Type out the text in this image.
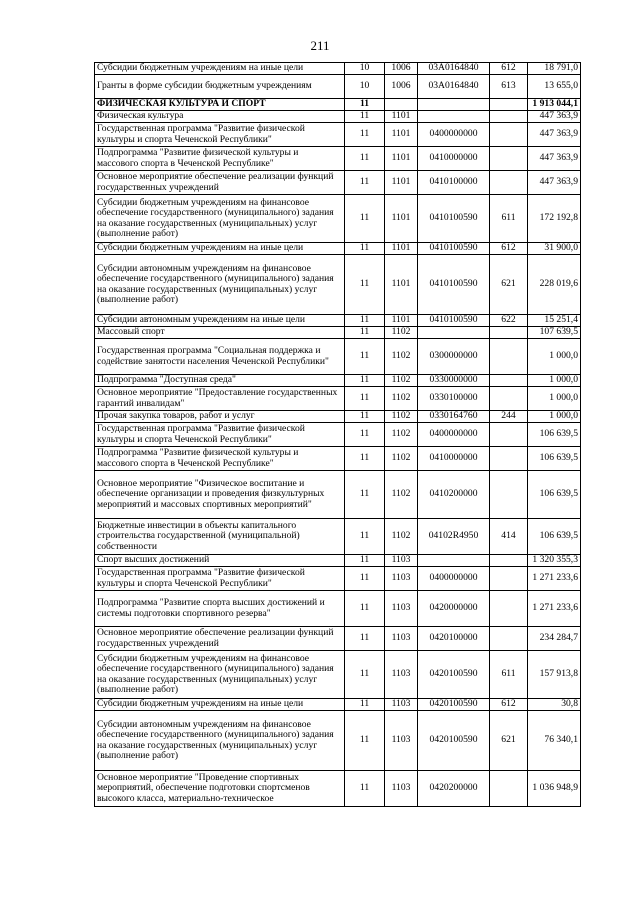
211
Субсидии бюджетным учреждениям на иные цели	10	1006	03А0164840	612	18 791,0
Гранты в форме субсидии бюджетным учреждениям	10	1006	03А0164840	613	13 655,0
ФИЗИЧЕСКАЯ КУЛЬТУРА И СПОРТ	11				1 913 044,1
Физическая культура	11	1101			447 363,9
Государственная программа "Развитие физической культуры и спорта Чеченской Республики"	11	1101	0400000000		447 363,9
Подпрограмма "Развитие физической культуры и массового спорта в Чеченской Республике"	11	1101	0410000000		447 363,9
Основное мероприятие обеспечение реализации функций государственных учреждений	11	1101	0410100000		447 363,9
Субсидии бюджетным учреждениям на финансовое обеспечение государственного (муниципального) задания на оказание государственных (муниципальных) услуг (выполнение работ)	11	1101	0410100590	611	172 192,8
Субсидии бюджетным учреждениям на иные цели	11	1101	0410100590	612	31 900,0
Субсидии автономным учреждениям на финансовое обеспечение государственного (муниципального) задания на оказание государственных (муниципальных) услуг (выполнение работ)	11	1101	0410100590	621	228 019,6
Субсидии автономным учреждениям на иные цели	11	1101	0410100590	622	15 251,4
Массовый спорт	11	1102			107 639,5
Государственная программа "Социальная поддержка и содействие занятости населения Чеченской Республики"	11	1102	0300000000		1 000,0
Подпрограмма "Доступная среда"	11	1102	0330000000		1 000,0
Основное мероприятие "Предоставление государственных гарантий инвалидам"	11	1102	0330100000		1 000,0
Прочая закупка товаров, работ и услуг	11	1102	0330164760	244	1 000,0
Государственная программа "Развитие физической культуры и спорта Чеченской Республики"	11	1102	0400000000		106 639,5
Подпрограмма "Развитие физической культуры и массового спорта в Чеченской Республике"	11	1102	0410000000		106 639,5
Основное мероприятие "Физическое воспитание и обеспечение организации и проведения физкультурных мероприятий и массовых спортивных мероприятий"	11	1102	0410200000		106 639,5
Бюджетные инвестиции в объекты капитального строительства государственной (муниципальной) собственности	11	1102	04102R4950	414	106 639,5
Спорт высших достижений	11	1103			1 320 355,3
Государственная программа "Развитие физической культуры и спорта Чеченской Республики"	11	1103	0400000000		1 271 233,6
Подпрограмма "Развитие спорта высших достижений и системы подготовки спортивного резерва"	11	1103	0420000000		1 271 233,6
Основное мероприятие обеспечение реализации функций государственных учреждений	11	1103	0420100000		234 284,7
Субсидии бюджетным учреждениям на финансовое обеспечение государственного (муниципального) задания на оказание государственных (муниципальных) услуг (выполнение работ)	11	1103	0420100590	611	157 913,8
Субсидии бюджетным учреждениям на иные цели	11	1103	0420100590	612	30,8
Субсидии автономным учреждениям на финансовое обеспечение государственного (муниципального) задания на оказание государственных (муниципальных) услуг (выполнение работ)	11	1103	0420100590	621	76 340,1
Основное мероприятие "Проведение спортивных мероприятий, обеспечение подготовки спортсменов высокого класса, материально-техническое	11	1103	0420200000		1 036 948,9
